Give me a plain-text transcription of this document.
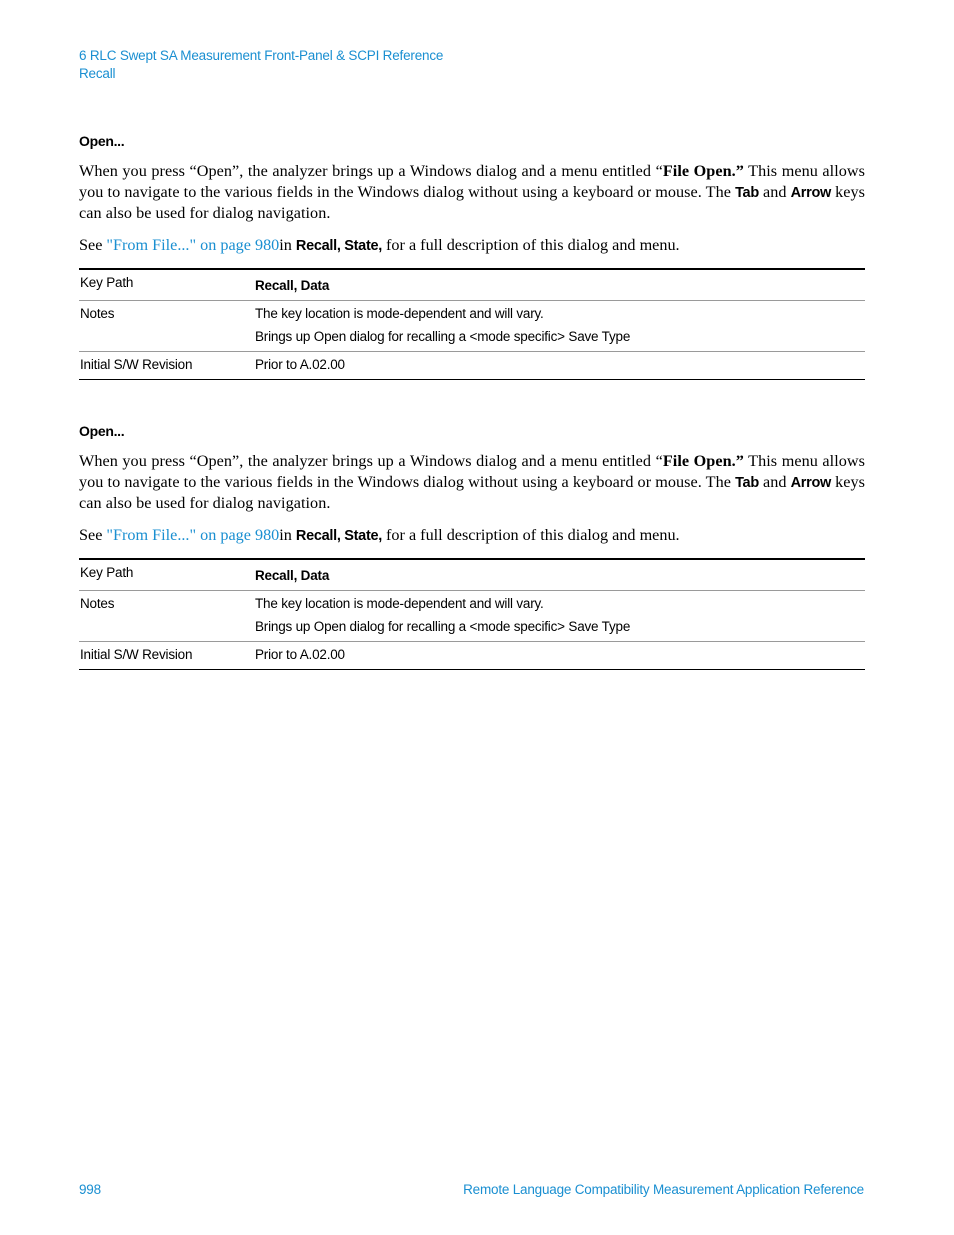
6 RLC Swept SA Measurement Front-Panel & SCPI Reference
Recall
Open...

When you press “Open”, the analyzer brings up a Windows dialog and a menu entitled “File Open.” This menu allows you to navigate to the various fields in the Windows dialog without using a keyboard or mouse. The Tab and Arrow keys can also be used for dialog navigation.

See "From File..." on page 980in Recall, State, for a full description of this dialog and menu.

Key Path	Recall, Data
Notes	The key location is mode-dependent and will vary.
Brings up Open dialog for recalling a <mode specific> Save Type

Initial S/W Revision	Prior to A.02.00
Open...

When you press “Open”, the analyzer brings up a Windows dialog and a menu entitled “File Open.” This menu allows you to navigate to the various fields in the Windows dialog without using a keyboard or mouse. The Tab and Arrow keys can also be used for dialog navigation.

See "From File..." on page 980in Recall, State, for a full description of this dialog and menu.

Key Path	Recall, Data
Notes	The key location is mode-dependent and will vary.
Brings up Open dialog for recalling a <mode specific> Save Type

Initial S/W Revision	Prior to A.02.00
998	Remote Language Compatibility Measurement Application Reference
